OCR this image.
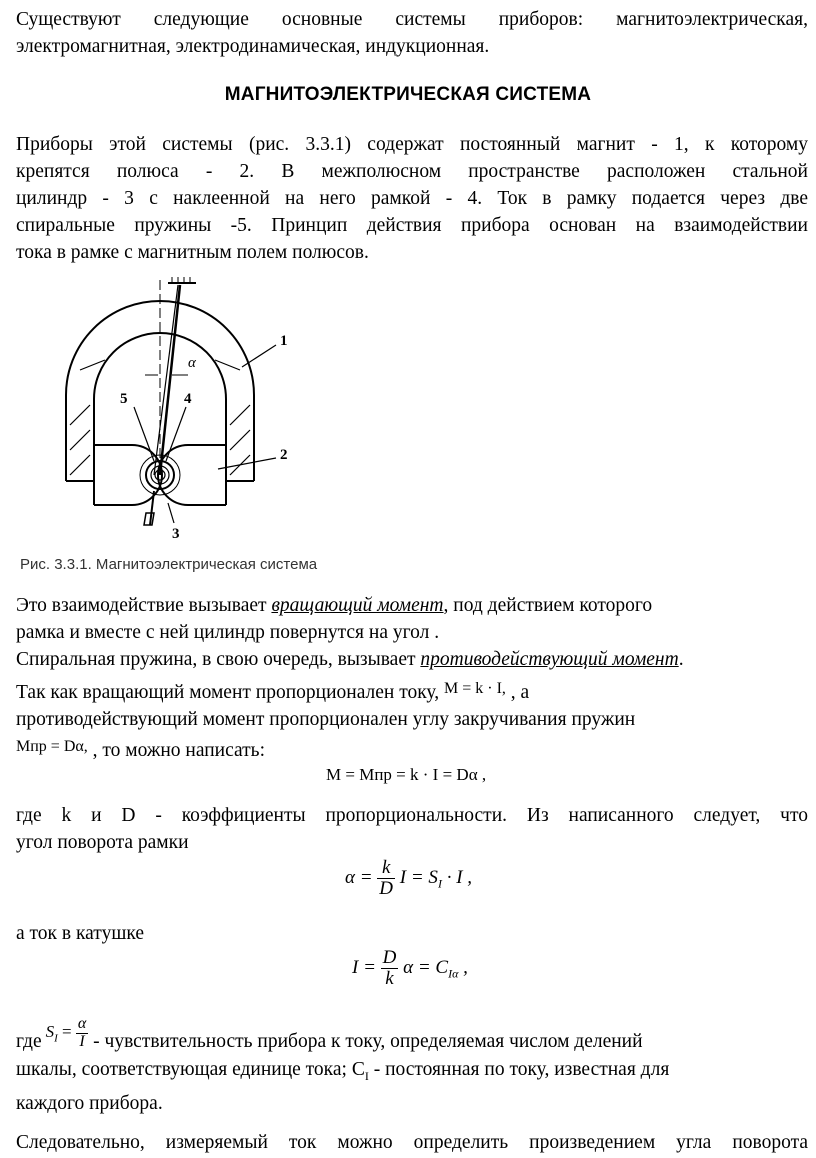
Существуют следующие основные системы приборов: магнитоэлектрическая,
электромагнитная, электродинамическая, индукционная.
МАГНИТОЭЛЕКТРИЧЕСКАЯ СИСТЕМА
Приборы этой системы (рис. 3.3.1) содержат постоянный магнит - 1, к которому
крепятся полюса - 2. В межполюсном пространстве расположен стальной
цилиндр - 3 с наклеенной на него рамкой - 4. Ток в рамку подается через две
спиральные пружины -5. Принцип действия прибора основан на взаимодействии
тока в рамке с магнитным полем полюсов.
1
2
3
4
5
α
Рис. 3.3.1. Магнитоэлектрическая система
Это взаимодействие вызывает вращающий момент, под действием которого
рамка и вместе с ней цилиндр повернутся на угол .
Спиральная пружина, в свою очередь, вызывает противодействующий момент.
Так как вращающий момент пропорционален току, $^{M = k \cdot I,}$ , а
противодействующий момент пропорционален углу закручивания пружин
$^{Mпр = D\alpha,}$ , то можно написать:
M = Mпр = k · I = Dα ,
где k и D - коэффициенты пропорциональности. Из написанного следует, что
угол поворота рамки
$\alpha = \frac{k}{D}$ $I = S_I \cdot I$ ,
а ток в катушке
$I = \frac{D}{k}$ $\alpha = C_{I\alpha}$ ,
где $S_I = \frac{\alpha}{I}$ - чувствительность прибора к току, определяемая числом делений
шкалы, соответствующая единице тока; $C_I$ - постоянная по току, известная для
каждого прибора.
Следовательно, измеряемый ток можно определить произведением угла поворота
